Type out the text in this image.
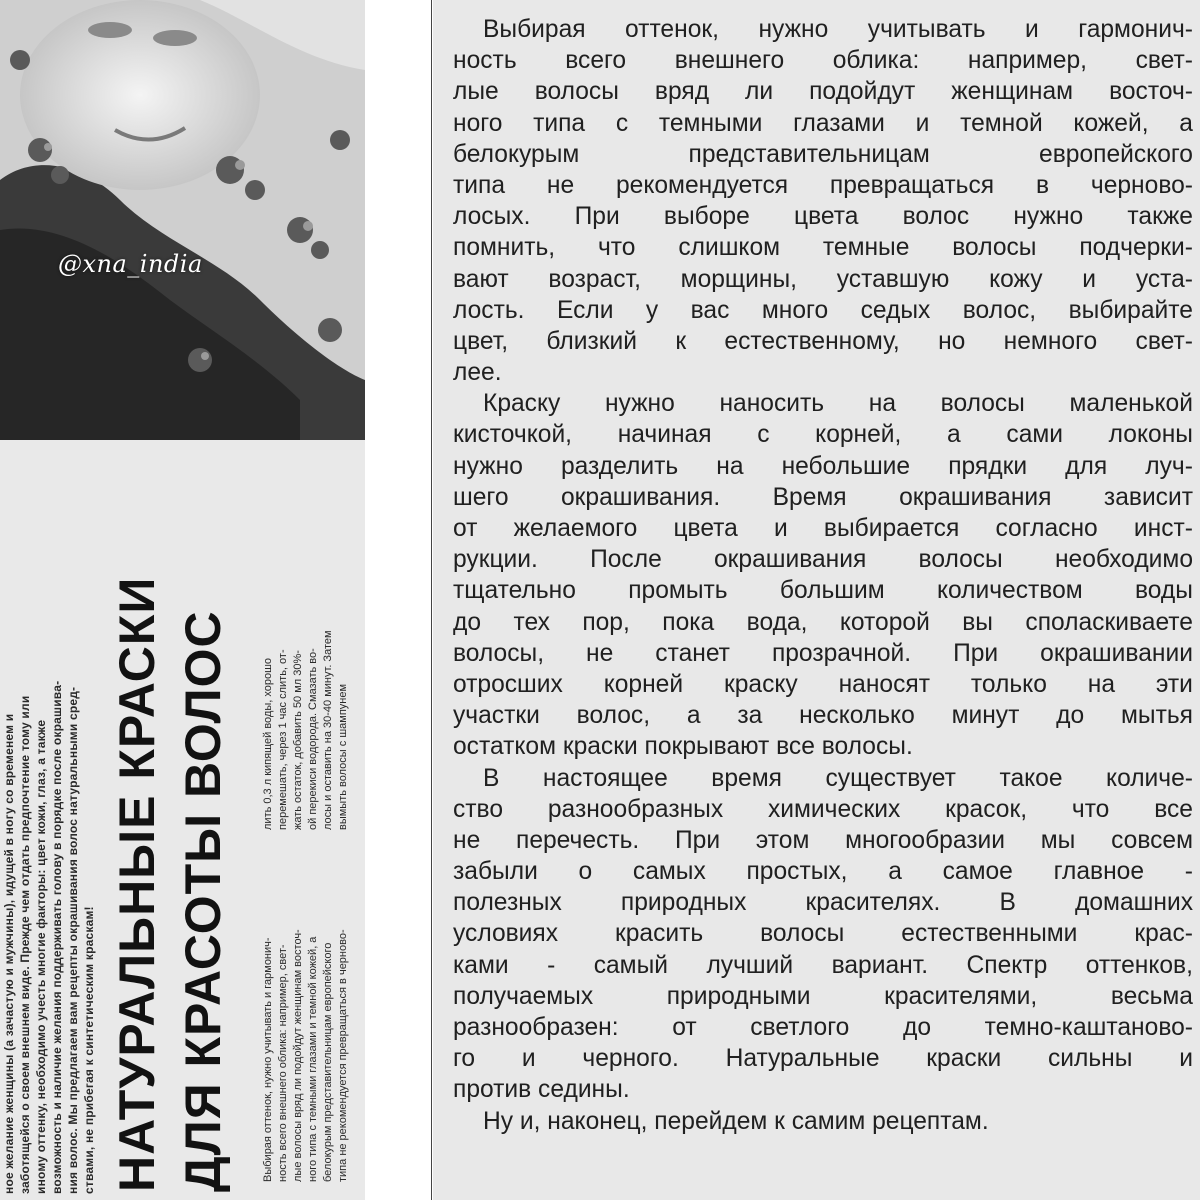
@xna_india
ное желание женщины (а зачастую и мужчины), идущей в ногу со временем и заботящейся о своем внешнем виде. Прежде чем отдать предпочтение тому или иному оттенку, необходимо учесть многие факторы: цвет кожи, глаз, а также возможность и наличие желания поддерживать голову в порядке после окрашива- ния волос. Мы предлагаем вам рецепты окрашивания волос натуральными сред- ствами, не прибегая к синтетическим краскам! НАТУРАЛЬНЫЕ КРАСКИ ДЛЯ КРАСОТЫ ВОЛОС	Выбирая оттенок, нужно учитывать и гармонич- ность всего внешнего облика: например, свет- лые волосы вряд ли подойдут женщинам восточ- ного типа с темными глазами и темной кожей, а белокурым представительницам европейского типа не рекомендуется превращаться в черново-
лить 0,3 л кипящей воды, хорошо перемешать, через 1 час слить, от- жать остаток, добавить 50 мл 30%- ой перекиси водорода. Смазать во- лосы и оставить на 30-40 минут. Затем вымыть волосы с шампунем
Выбирая оттенок, нужно учитывать и гармонич-
ность всего внешнего облика: например, свет-
лые волосы вряд ли подойдут женщинам восточ-
ного типа с темными глазами и темной кожей, а
белокурым	представительницам	европейского
типа не рекомендуется превращаться в черново-
лосых. При выборе цвета волос нужно также
помнить, что слишком темные волосы подчерки-
вают возраст, морщины, уставшую кожу и уста-
лость. Если у вас много седых волос, выбирайте
цвет, близкий к естественному, но немного свет-
лее.
Краску нужно наносить на волосы маленькой
кисточкой, начиная с корней, а сами локоны
нужно разделить на небольшие прядки для луч-
шего окрашивания. Время окрашивания зависит
от желаемого цвета и выбирается согласно инст-
рукции. После окрашивания волосы необходимо
тщательно промыть большим количеством воды
до тех пор, пока вода, которой вы споласкиваете
волосы, не станет прозрачной. При окрашивании
отросших корней краску наносят только на эти
участки волос, а за несколько минут до мытья
остатком краски покрывают все волосы.
В настоящее время существует такое количе-
ство разнообразных химических красок, что все
не перечесть. При этом многообразии мы совсем
забыли о самых простых, а самое главное -
полезных природных красителях. В домашних
условиях красить волосы естественными крас-
ками - самый лучший вариант. Спектр оттенков,
получаемых	природными	красителями,	весьма
разнообразен: от светлого до темно-каштаново-
го и черного. Натуральные краски сильны и
против седины.
Ну и, наконец, перейдем к самим рецептам.
